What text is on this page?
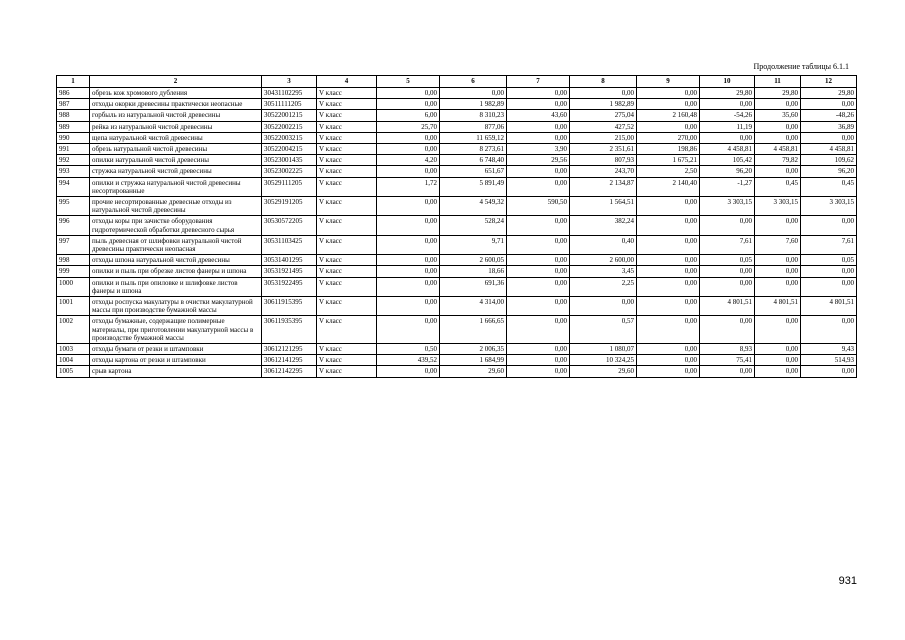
Продолжение таблицы 6.1.1
1	2	3	4	5	6	7	8	9	10	11	12
986	обрезь кож хромового дубления	30431102295	V класс	0,00	0,00	0,00	0,00	0,00	29,80	29,80	29,80
987	отходы окорки древесины практически неопасные	30511111205	V класс	0,00	1 982,89	0,00	1 982,89	0,00	0,00	0,00	0,00
988	горбыль из натуральной чистой древесины	30522001215	V класс	6,00	8 310,23	43,60	275,04	2 160,48	-54,26	35,60	-48,26
989	рейка из натуральной чистой древесины	30522002215	V класс	25,70	877,06	0,00	427,52	0,00	11,19	0,00	36,89
990	щепа натуральной чистой древесины	30522003215	V класс	0,00	11 659,12	0,00	215,00	270,00	0,00	0,00	0,00
991	обрезь натуральной чистой древесины	30522004215	V класс	0,00	8 273,61	3,90	2 351,61	198,86	4 458,81	4 458,81	4 458,81
992	опилки натуральной чистой древесины	30523001435	V класс	4,20	6 748,40	29,56	807,93	1 675,21	105,42	79,82	109,62
993	стружка натуральной чистой древесины	30523002225	V класс	0,00	651,67	0,00	243,70	2,50	96,20	0,00	96,20
994	опилки и стружка натуральной чистой древесины несортированные	30529111205	V класс	1,72	5 891,49	0,00	2 134,87	2 140,40	-1,27	0,45	0,45
995	прочие несортированные древесные отходы из натуральной чистой древесины	30529191205	V класс	0,00	4 549,32	590,50	1 564,51	0,00	3 303,15	3 303,15	3 303,15
996	отходы коры при зачистке оборудования гидротермической обработки древесного сырья	30530572205	V класс	0,00	528,24	0,00	382,24	0,00	0,00	0,00	0,00
997	пыль древесная от шлифовки натуральной чистой древесины практически неопасная	30531103425	V класс	0,00	9,71	0,00	0,40	0,00	7,61	7,60	7,61
998	отходы шпона натуральной чистой древесины	30531401295	V класс	0,00	2 600,05	0,00	2 600,00	0,00	0,05	0,00	0,05
999	опилки и пыль при обрезке листов фанеры и шпона	30531921495	V класс	0,00	18,66	0,00	3,45	0,00	0,00	0,00	0,00
1000	опилки и пыль при опиловке и шлифовке листов фанеры и шпона	30531922495	V класс	0,00	691,36	0,00	2,25	0,00	0,00	0,00	0,00
1001	отходы роспуска макулатуры в очистки макулатурной массы при производстве бумажной массы	30611915395	V класс	0,00	4 314,00	0,00	0,00	0,00	4 801,51	4 801,51	4 801,51
1002	отходы бумажные, содержащие полимерные материалы, при приготовлении макулатурной массы в производстве бумажной массы	30611935395	V класс	0,00	1 666,65	0,00	0,57	0,00	0,00	0,00	0,00
1003	отходы бумаги от резки и штамповки	30612121295	V класс	0,50	2 006,35	0,00	1 080,07	0,00	8,93	0,00	9,43
1004	отходы картона от резки и штамповки	30612141295	V класс	439,52	1 684,99	0,00	10 324,25	0,00	75,41	0,00	514,93
1005	срыв картона	30612142295	V класс	0,00	29,60	0,00	29,60	0,00	0,00	0,00	0,00
931
